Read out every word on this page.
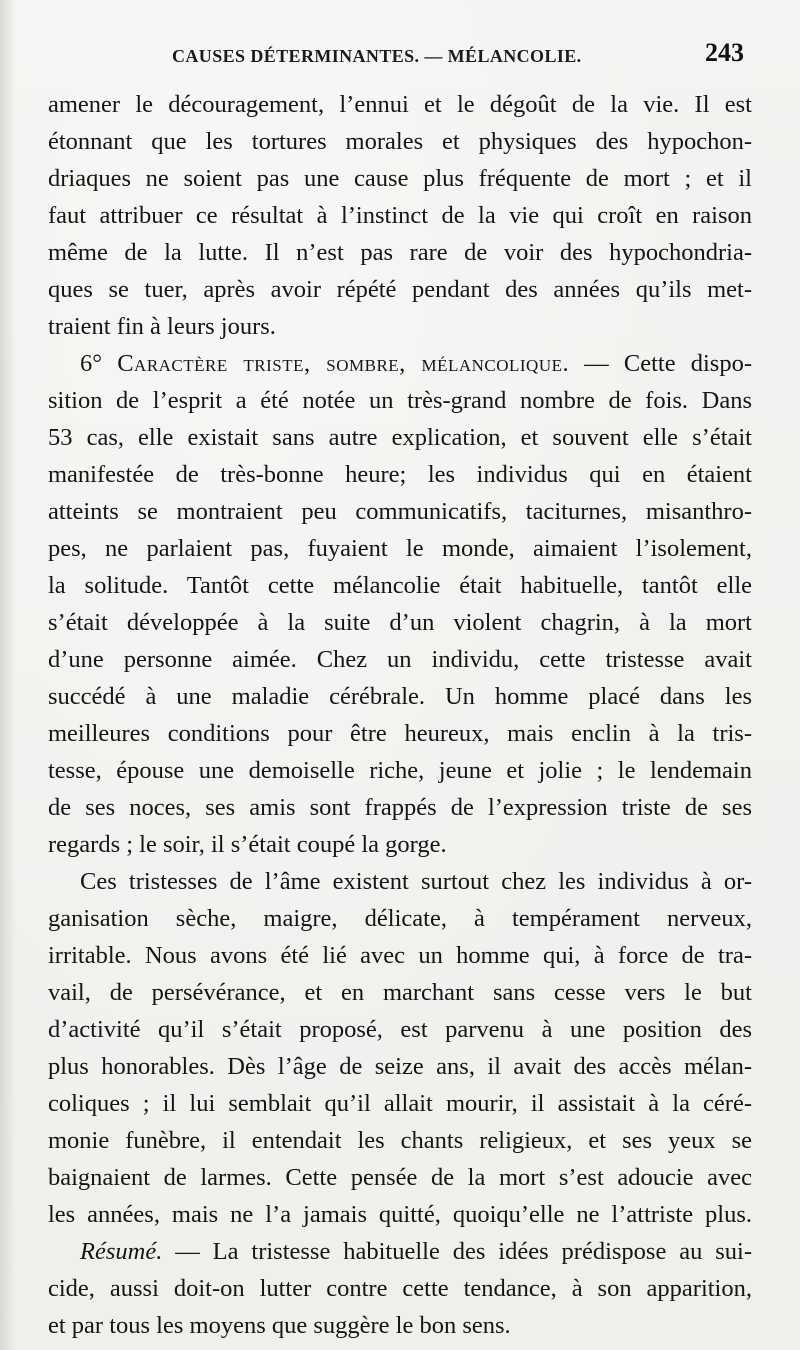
CAUSES DÉTERMINANTES. — MÉLANCOLIE.	243
amener le découragement, l’ennui et le dégoût de la vie. Il est
étonnant que les tortures morales et physiques des hypochon-
driaques ne soient pas une cause plus fréquente de mort ; et il
faut attribuer ce résultat à l’instinct de la vie qui croît en raison
même de la lutte. Il n’est pas rare de voir des hypochondria-
ques se tuer, après avoir répété pendant des années qu’ils met-
traient fin à leurs jours.
6° Caractère triste, sombre, mélancolique. — Cette dispo-
sition de l’esprit a été notée un très-grand nombre de fois. Dans
53 cas, elle existait sans autre explication, et souvent elle s’était
manifestée de très-bonne heure; les individus qui en étaient
atteints se montraient peu communicatifs, taciturnes, misanthro-
pes, ne parlaient pas, fuyaient le monde, aimaient l’isolement,
la solitude. Tantôt cette mélancolie était habituelle, tantôt elle
s’était développée à la suite d’un violent chagrin, à la mort
d’une personne aimée. Chez un individu, cette tristesse avait
succédé à une maladie cérébrale. Un homme placé dans les
meilleures conditions pour être heureux, mais enclin à la tris-
tesse, épouse une demoiselle riche, jeune et jolie ; le lendemain
de ses noces, ses amis sont frappés de l’expression triste de ses
regards ; le soir, il s’était coupé la gorge.
Ces tristesses de l’âme existent surtout chez les individus à or-
ganisation sèche, maigre, délicate, à tempérament nerveux,
irritable. Nous avons été lié avec un homme qui, à force de tra-
vail, de persévérance, et en marchant sans cesse vers le but
d’activité qu’il s’était proposé, est parvenu à une position des
plus honorables. Dès l’âge de seize ans, il avait des accès mélan-
coliques ; il lui semblait qu’il allait mourir, il assistait à la céré-
monie funèbre, il entendait les chants religieux, et ses yeux se
baignaient de larmes. Cette pensée de la mort s’est adoucie avec
les années, mais ne l’a jamais quitté, quoiqu’elle ne l’attriste plus.
Résumé. — La tristesse habituelle des idées prédispose au sui-
cide, aussi doit-on lutter contre cette tendance, à son apparition,
et par tous les moyens que suggère le bon sens.
